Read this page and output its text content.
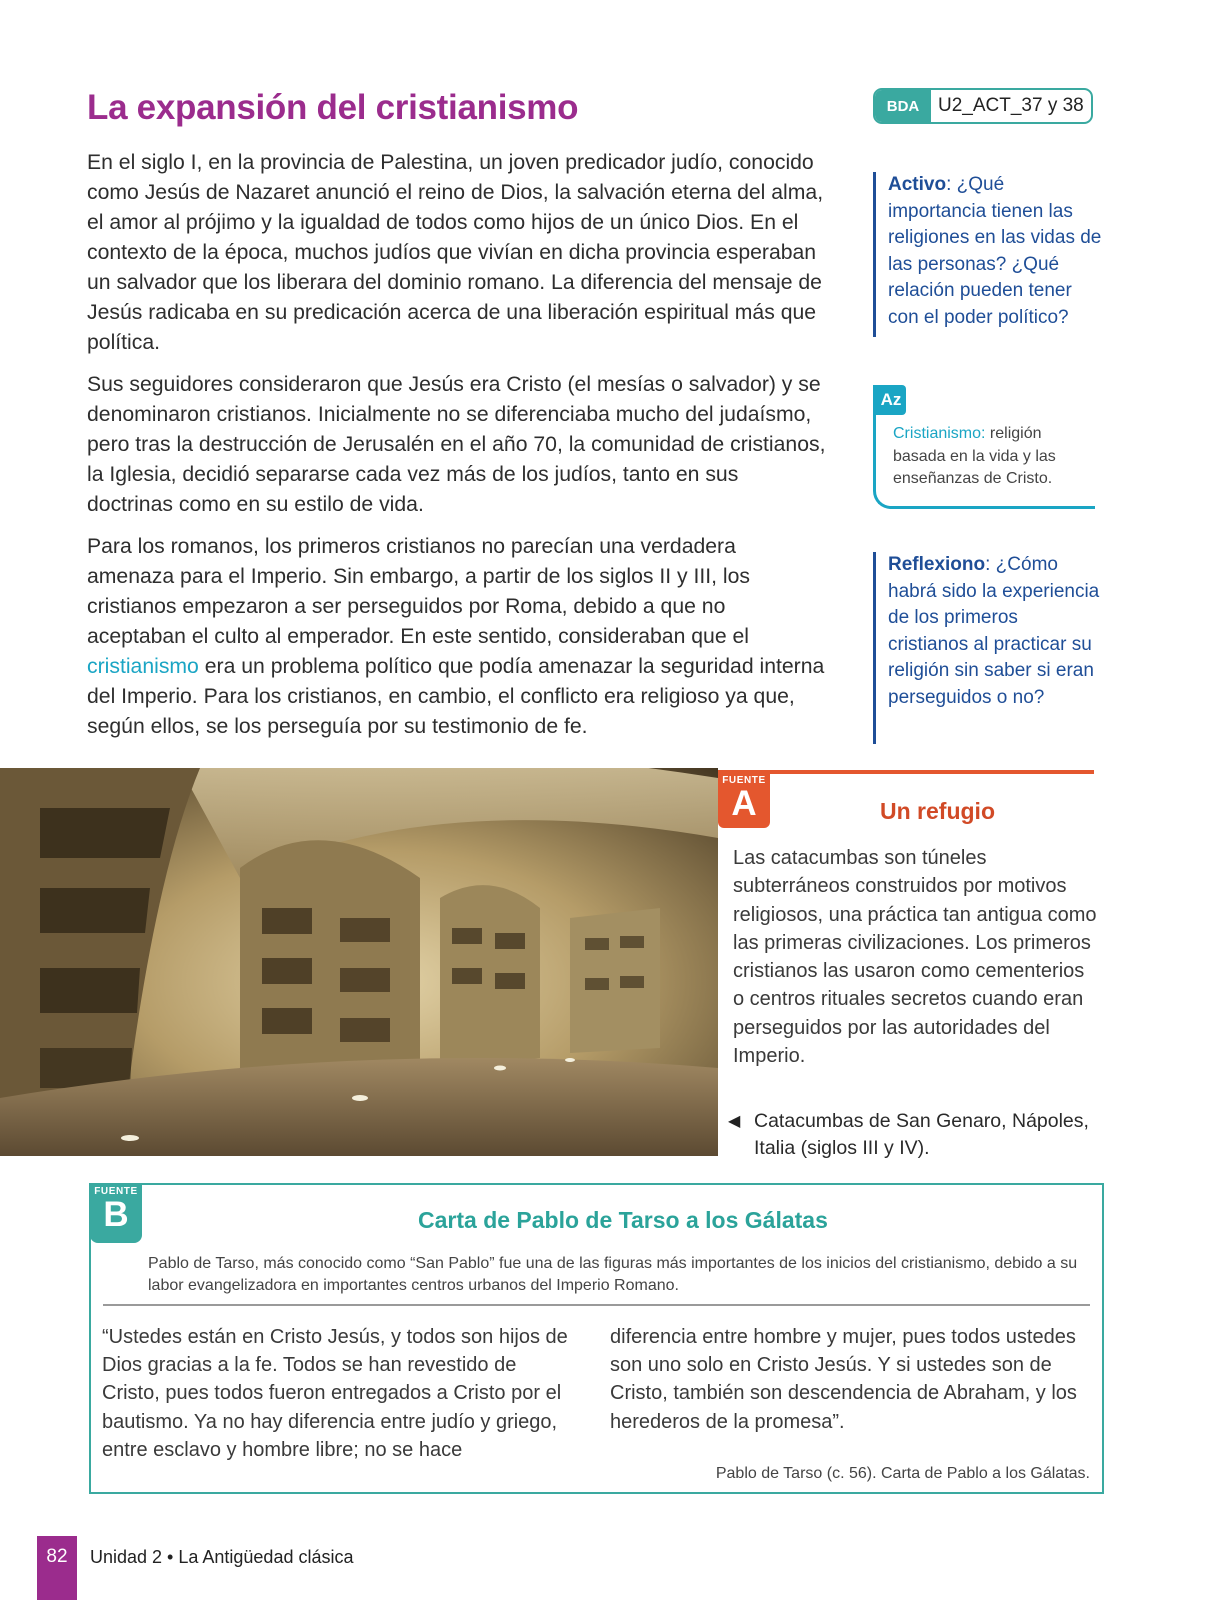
La expansión del cristianismo

En el siglo I, en la provincia de Palestina, un joven predicador judío, conocido como Jesús de Nazaret anunció el reino de Dios, la salvación eterna del alma, el amor al prójimo y la igualdad de todos como hijos de un único Dios. En el contexto de la época, muchos judíos que vivían en dicha provincia esperaban un salvador que los liberara del dominio romano. La diferencia del mensaje de Jesús radicaba en su predicación acerca de una liberación espiritual más que política.

Sus seguidores consideraron que Jesús era Cristo (el mesías o salvador) y se denominaron cristianos. Inicialmente no se diferenciaba mucho del judaísmo, pero tras la destrucción de Jerusalén en el año 70, la comunidad de cristianos, la Iglesia, decidió separarse cada vez más de los judíos, tanto en sus doctrinas como en su estilo de vida.

Para los romanos, los primeros cristianos no parecían una verdadera amenaza para el Imperio. Sin embargo, a partir de los siglos II y III, los cristianos empezaron a ser perseguidos por Roma, debido a que no aceptaban el culto al emperador. En este sentido, consideraban que el cristianismo era un problema político que podía amenazar la seguridad interna del Imperio. Para los cristianos, en cambio, el conflicto era religioso ya que, según ellos, se los perseguía por su testimonio de fe.

BDA U2_ACT_37 y 38
Activo: ¿Qué importancia tienen las religiones en las vidas de las personas? ¿Qué relación pueden tener con el poder político?
Az
Cristianismo: religión basada en la vida y las enseñanzas de Cristo.
Reflexiono: ¿Cómo habrá sido la experiencia de los primeros cristianos al practicar su religión sin saber si eran perseguidos o no?
FUENTE
A	Un refugio
Las catacumbas son túneles subterráneos construidos por motivos religiosos, una práctica tan antigua como las primeras civilizaciones. Los primeros cristianos las usaron como cementerios o centros rituales secretos cuando eran perseguidos por las autoridades del Imperio.
◀ Catacumbas de San Genaro, Nápoles, Italia (siglos III y IV).
FUENTE
B	Carta de Pablo de Tarso a los Gálatas
Pablo de Tarso, más conocido como “San Pablo” fue una de las figuras más importantes de los inicios del cristianismo, debido a su labor evangelizadora en importantes centros urbanos del Imperio Romano.
“Ustedes están en Cristo Jesús, y todos son hijos de Dios gracias a la fe. Todos se han revestido de Cristo, pues todos fueron entregados a Cristo por el bautismo. Ya no hay diferencia entre judío y griego, entre esclavo y hombre libre; no se hace
diferencia entre hombre y mujer, pues todos ustedes son uno solo en Cristo Jesús. Y si ustedes son de Cristo, también son descendencia de Abraham, y los herederos de la promesa”.
Pablo de Tarso (c. 56). Carta de Pablo a los Gálatas.
82	Unidad 2 • La Antigüedad clásica
